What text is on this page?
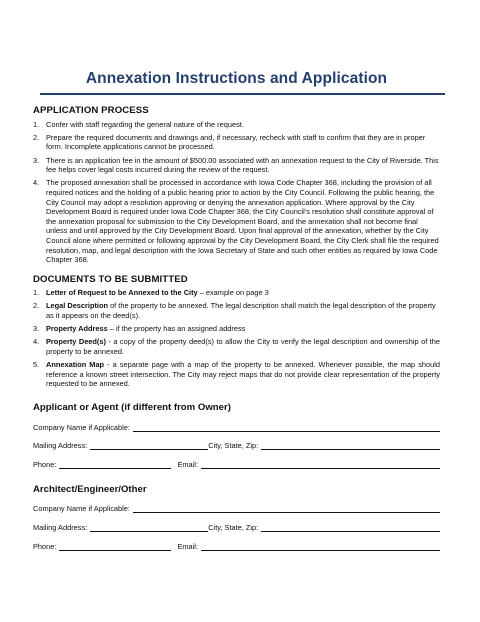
Annexation Instructions and Application
APPLICATION PROCESS
1. Confer with staff regarding the general nature of the request.
2. Prepare the required documents and drawings and, if necessary, recheck with staff to confirm that they are in proper form. Incomplete applications cannot be processed.
3. There is an application fee in the amount of $500.00 associated with an annexation request to the City of Riverside. This fee helps cover legal costs incurred during the review of the request.
4. The proposed annexation shall be processed in accordance with Iowa Code Chapter 368, including the provision of all required notices and the holding of a public hearing prior to action by the City Council. Following the public hearing, the City Council may adopt a resolution approving or denying the annexation application. Where approval by the City Development Board is required under Iowa Code Chapter 368, the City Council's resolution shall constitute approval of the annexation proposal for submission to the City Development Board, and the annexation shall not become final unless and until approved by the City Development Board. Upon final approval of the annexation, whether by the City Council alone where permitted or following approval by the City Development Board, the City Clerk shall file the required resolution, map, and legal description with the Iowa Secretary of State and such other entities as required by Iowa Code Chapter 368.
DOCUMENTS TO BE SUBMITTED
1. Letter of Request to be Annexed to the City – example on page 3
2. Legal Description of the property to be annexed. The legal description shall match the legal description of the property as it appears on the deed(s).
3. Property Address – if the property has an assigned address
4. Property Deed(s) - a copy of the property deed(s) to allow the City to verify the legal description and ownership of the property to be annexed.
5. Annexation Map - a separate page with a map of the property to be annexed. Whenever possible, the map should reference a known street intersection. The City may reject maps that do not provide clear representation of the property requested to be annexed.
Applicant or Agent (if different from Owner)
Company Name if Applicable:
Mailing Address:	City, State, Zip:
Phone:	Email:
Architect/Engineer/Other
Company Name if Applicable:
Mailing Address:	City, State, Zip:
Phone:	Email:
